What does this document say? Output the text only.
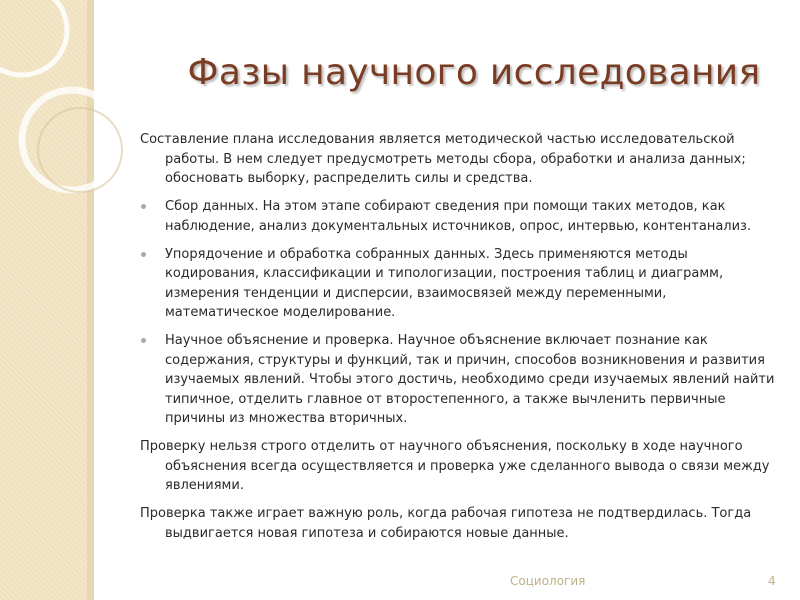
Фазы научного исследования
Составление плана исследования является методической частью исследовательской работы. В нем следует предусмотреть методы сбора, обработки и анализа данных; обосновать выборку, распределить силы и средства.
Сбор данных. На этом этапе собирают сведения при помощи таких методов, как наблюдение, анализ документальных источников, опрос, интервью, контентанализ.
Упорядочение и обработка собранных данных. Здесь применяются методы кодирования, классификации и типологизации, построения таблиц и диаграмм, измерения тенденции и дисперсии, взаимосвязей между переменными, математическое моделирование.
Научное объяснение и проверка. Научное объяснение включает познание как содержания, структуры и функций, так и причин, способов возникновения и развития изучаемых явлений. Чтобы этого достичь, необходимо среди изучаемых явлений найти типичное, отделить главное от второстепенного, а также вычленить первичные причины из множества вторичных.
Проверку нельзя строго отделить от научного объяснения, поскольку в ходе научного объяснения всегда осуществляется и проверка уже сделанного вывода о связи между явлениями.
Проверка также играет важную роль, когда рабочая гипотеза не подтвердилась. Тогда выдвигается новая гипотеза и собираются новые данные.
Социология	4
